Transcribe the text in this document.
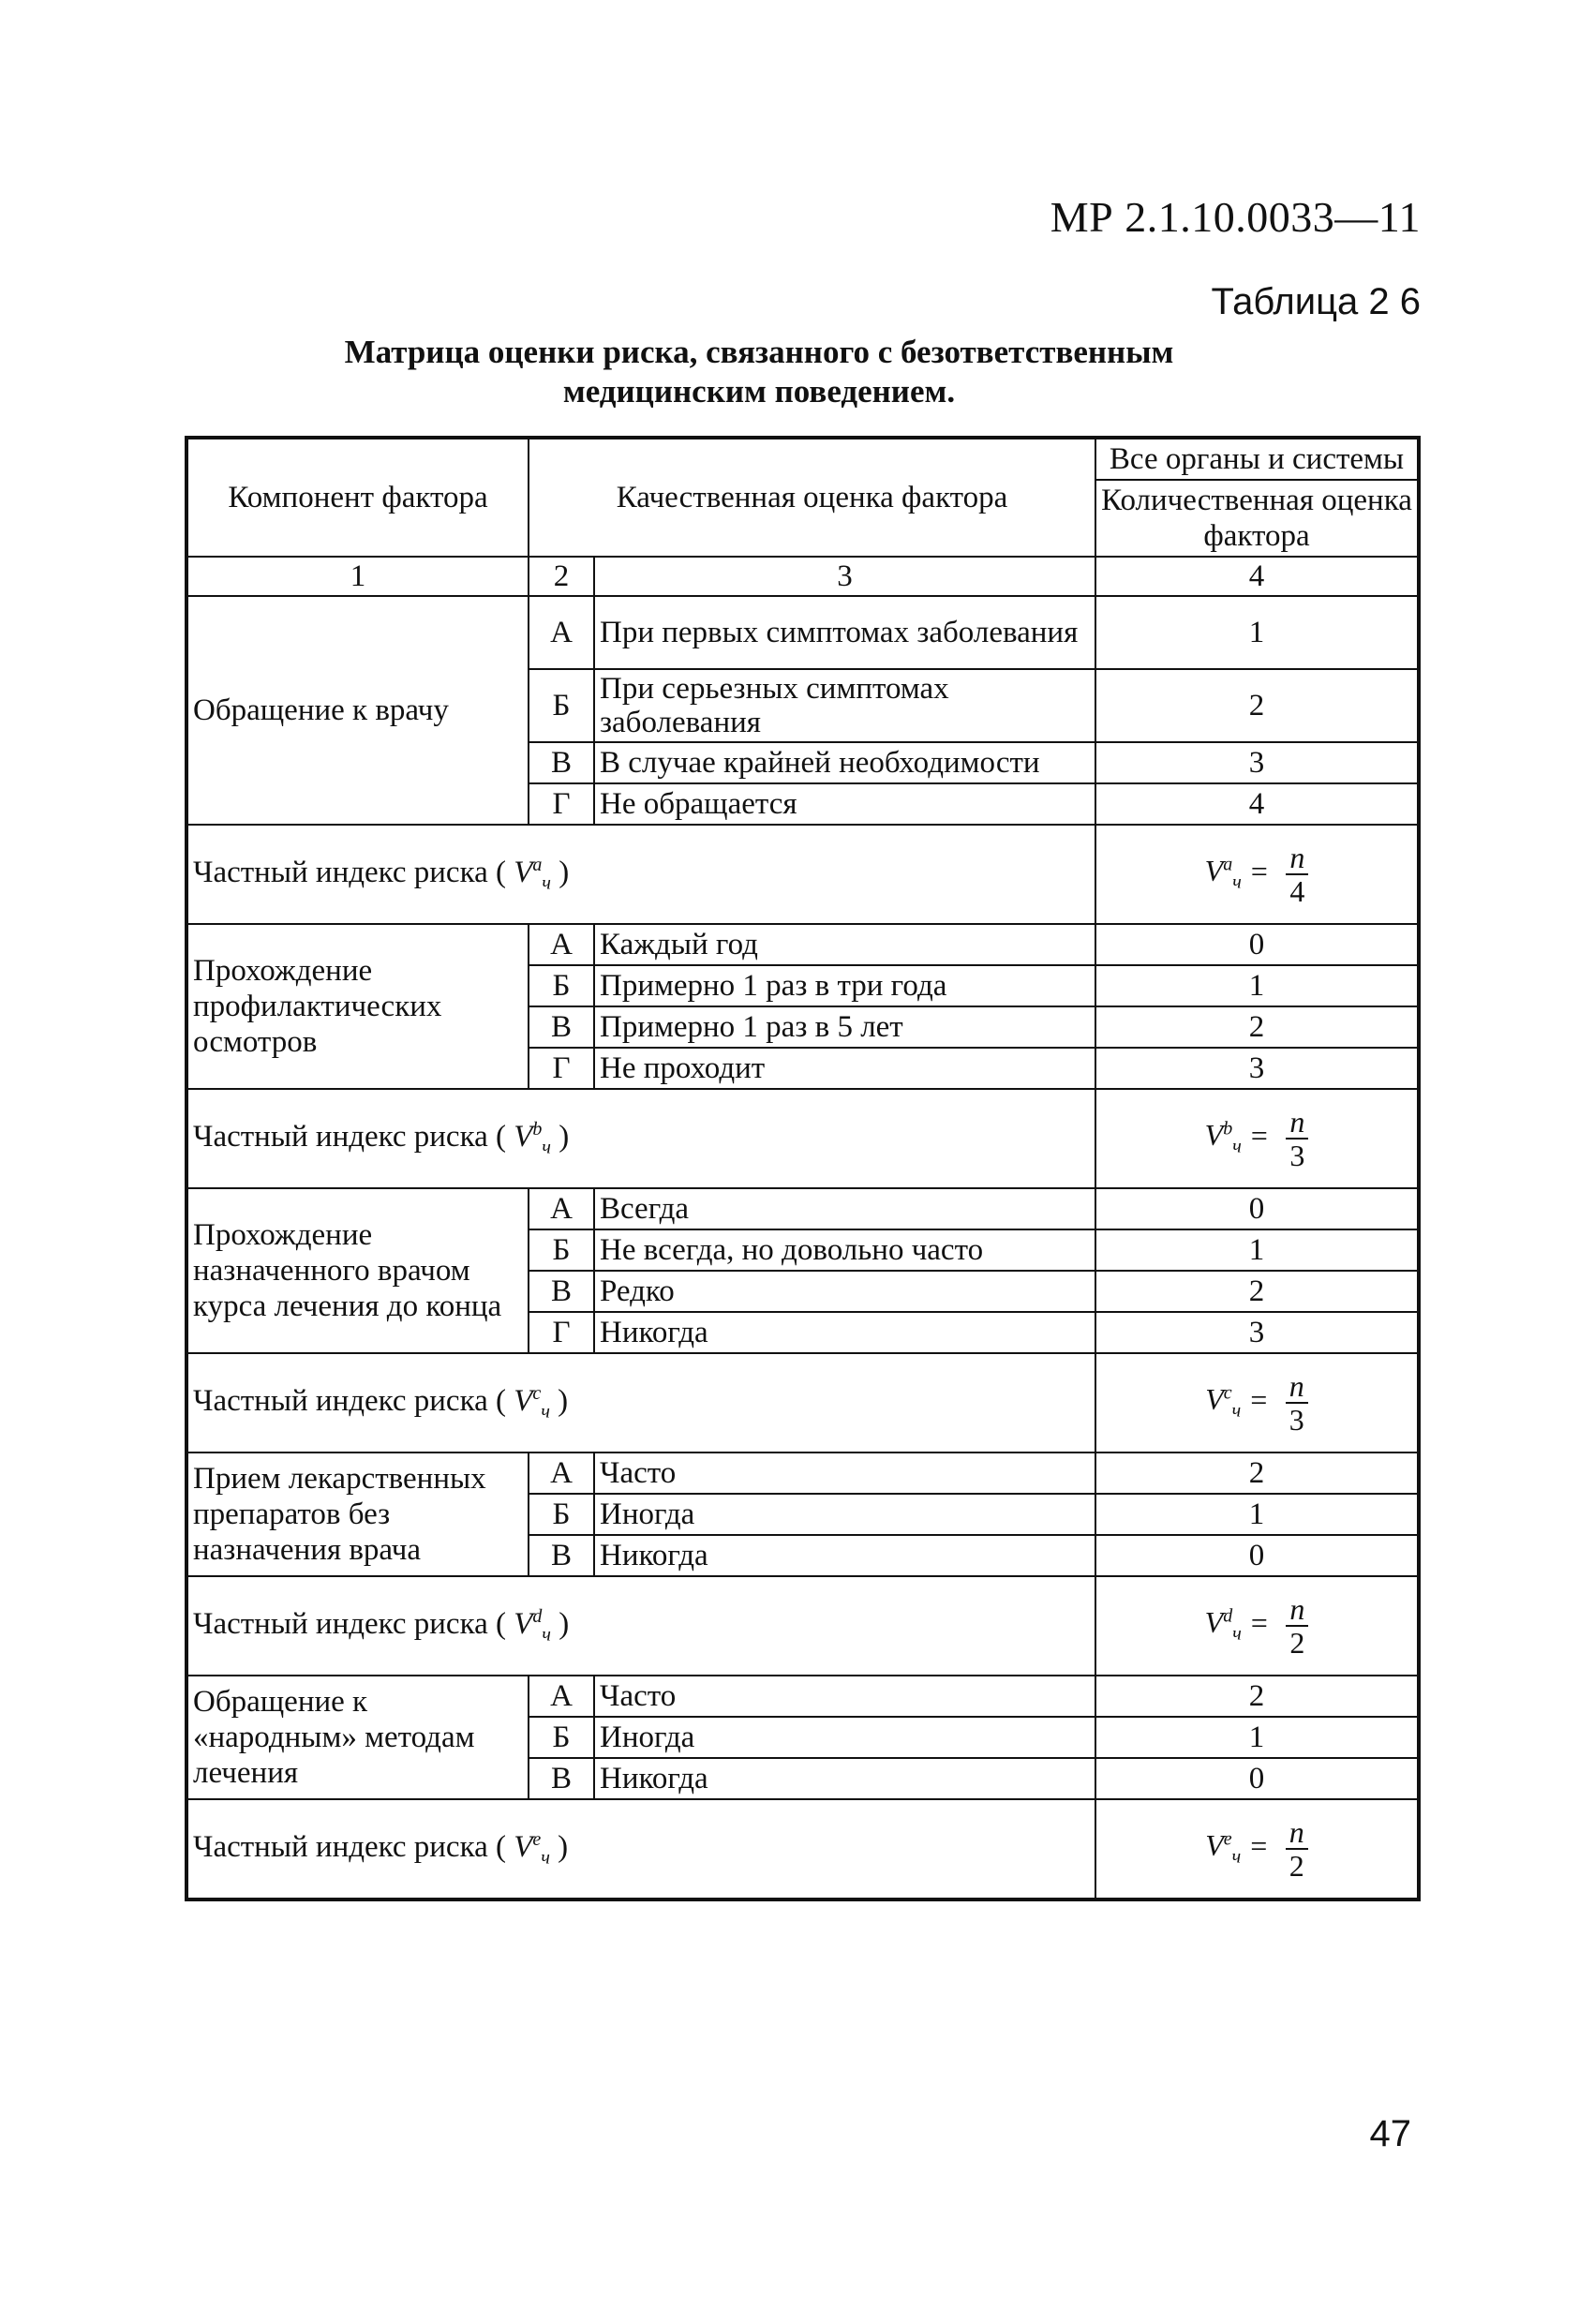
МР 2.1.10.0033—11
Таблица 2 6
Матрица оценки риска, связанного с безответственным
медицинским поведением.
Компонент фактора	Качественная оценка фактора		Все органы и системы
			Количественная оценка фактора
1	2	3	4
Обращение к врачу	А	При первых симптомах заболевания	1
	Б	При серьезных симптомах заболевания	2
	В	В случае крайней необходимости	3
	Г	Не обращается	4
Частный индекс риска ( $V^a_ч$ )			$V^a_ч = \frac{n}{4}$

Прохождение профилактических осмотров	А	Каждый год	0
	Б	Примерно 1 раз в три года	1
	В	Примерно 1 раз в 5 лет	2
	Г	Не проходит	3
Частный индекс риска ( $V^b_ч$ )			$V^b_ч = \frac{n}{3}$

Прохождение назначенного врачом курса лечения до конца	А	Всегда	0
	Б	Не всегда, но довольно часто	1
	В	Редко	2
	Г	Никогда	3
Частный индекс риска ( $V^c_ч$ )			$V^c_ч = \frac{n}{3}$

Прием лекарственных препаратов без назначения врача	А	Часто	2
	Б	Иногда	1
	В	Никогда	0
Частный индекс риска ( $V^d_ч$ )			$V^d_ч = \frac{n}{2}$

Обращение к «народным» методам лечения	А	Часто	2
	Б	Иногда	1
	В	Никогда	0
Частный индекс риска ( $V^e_ч$ )			$V^e_ч = \frac{n}{2}$
47
